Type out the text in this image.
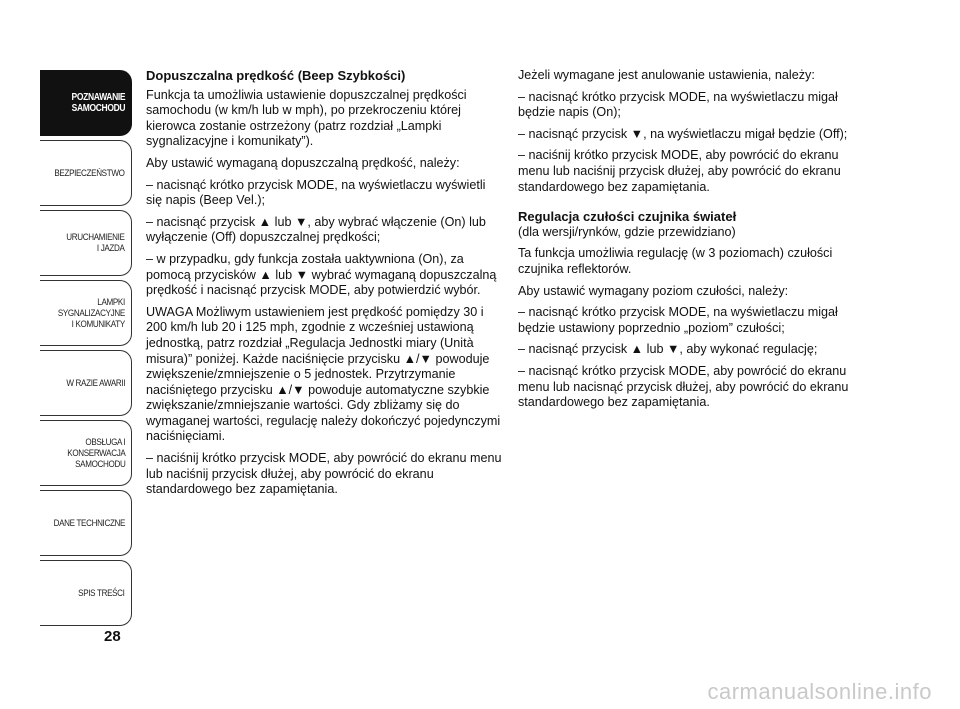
POZNAWANIE
SAMOCHODU
BEZPIECZEŃSTWO
URUCHAMIENIE
I JAZDA
LAMPKI
SYGNALIZACYJNE
I KOMUNIKATY
W RAZIE AWARII
OBSŁUGA I
KONSERWACJA
SAMOCHODU
DANE TECHNICZNE
SPIS TREŚCI
28
Dopuszczalna prędkość (Beep Szybkości)

Funkcja ta umożliwia ustawienie dopuszczalnej prędkości samochodu (w km/h lub w mph), po przekroczeniu której kierowca zostanie ostrzeżony (patrz rozdział „Lampki sygnalizacyjne i komunikaty”).

Aby ustawić wymaganą dopuszczalną prędkość, należy:

– nacisnąć krótko przycisk MODE, na wyświetlaczu wyświetli się napis (Beep Vel.);

– nacisnąć przycisk ▲ lub ▼, aby wybrać włączenie (On) lub wyłączenie (Off) dopuszczalnej prędkości;

– w przypadku, gdy funkcja została uaktywniona (On), za pomocą przycisków ▲ lub ▼ wybrać wymaganą dopuszczalną prędkość i nacisnąć przycisk MODE, aby potwierdzić wybór.

UWAGA Możliwym ustawieniem jest prędkość pomiędzy 30 i 200 km/h lub 20 i 125 mph, zgodnie z wcześniej ustawioną jednostką, patrz rozdział „Regulacja Jednostki miary (Unità misura)” poniżej. Każde naciśnięcie przycisku ▲/▼ powoduje zwiększenie/zmniejszenie o 5 jednostek. Przytrzymanie naciśniętego przycisku ▲/▼ powoduje automatyczne szybkie zwiększanie/zmniejszanie wartości. Gdy zbliżamy się do wymaganej wartości, regulację należy dokończyć pojedynczymi naciśnięciami.

– naciśnij krótko przycisk MODE, aby powrócić do ekranu menu lub naciśnij przycisk dłużej, aby powrócić do ekranu standardowego bez zapamiętania.

Jeżeli wymagane jest anulowanie ustawienia, należy:

– nacisnąć krótko przycisk MODE, na wyświetlaczu migał będzie napis (On);

– nacisnąć przycisk ▼, na wyświetlaczu migał będzie (Off);

– naciśnij krótko przycisk MODE, aby powrócić do ekranu menu lub naciśnij przycisk dłużej, aby powrócić do ekranu standardowego bez zapamiętania.

Regulacja czułości czujnika świateł

(dla wersji/rynków, gdzie przewidziano)

Ta funkcja umożliwia regulację (w 3 poziomach) czułości czujnika reflektorów.

Aby ustawić wymagany poziom czułości, należy:

– nacisnąć krótko przycisk MODE, na wyświetlaczu migał będzie ustawiony poprzednio „poziom” czułości;

– nacisnąć przycisk ▲ lub ▼, aby wykonać regulację;

– nacisnąć krótko przycisk MODE, aby powrócić do ekranu menu lub nacisnąć przycisk dłużej, aby powrócić do ekranu standardowego bez zapamiętania.

carmanualsonline.info
